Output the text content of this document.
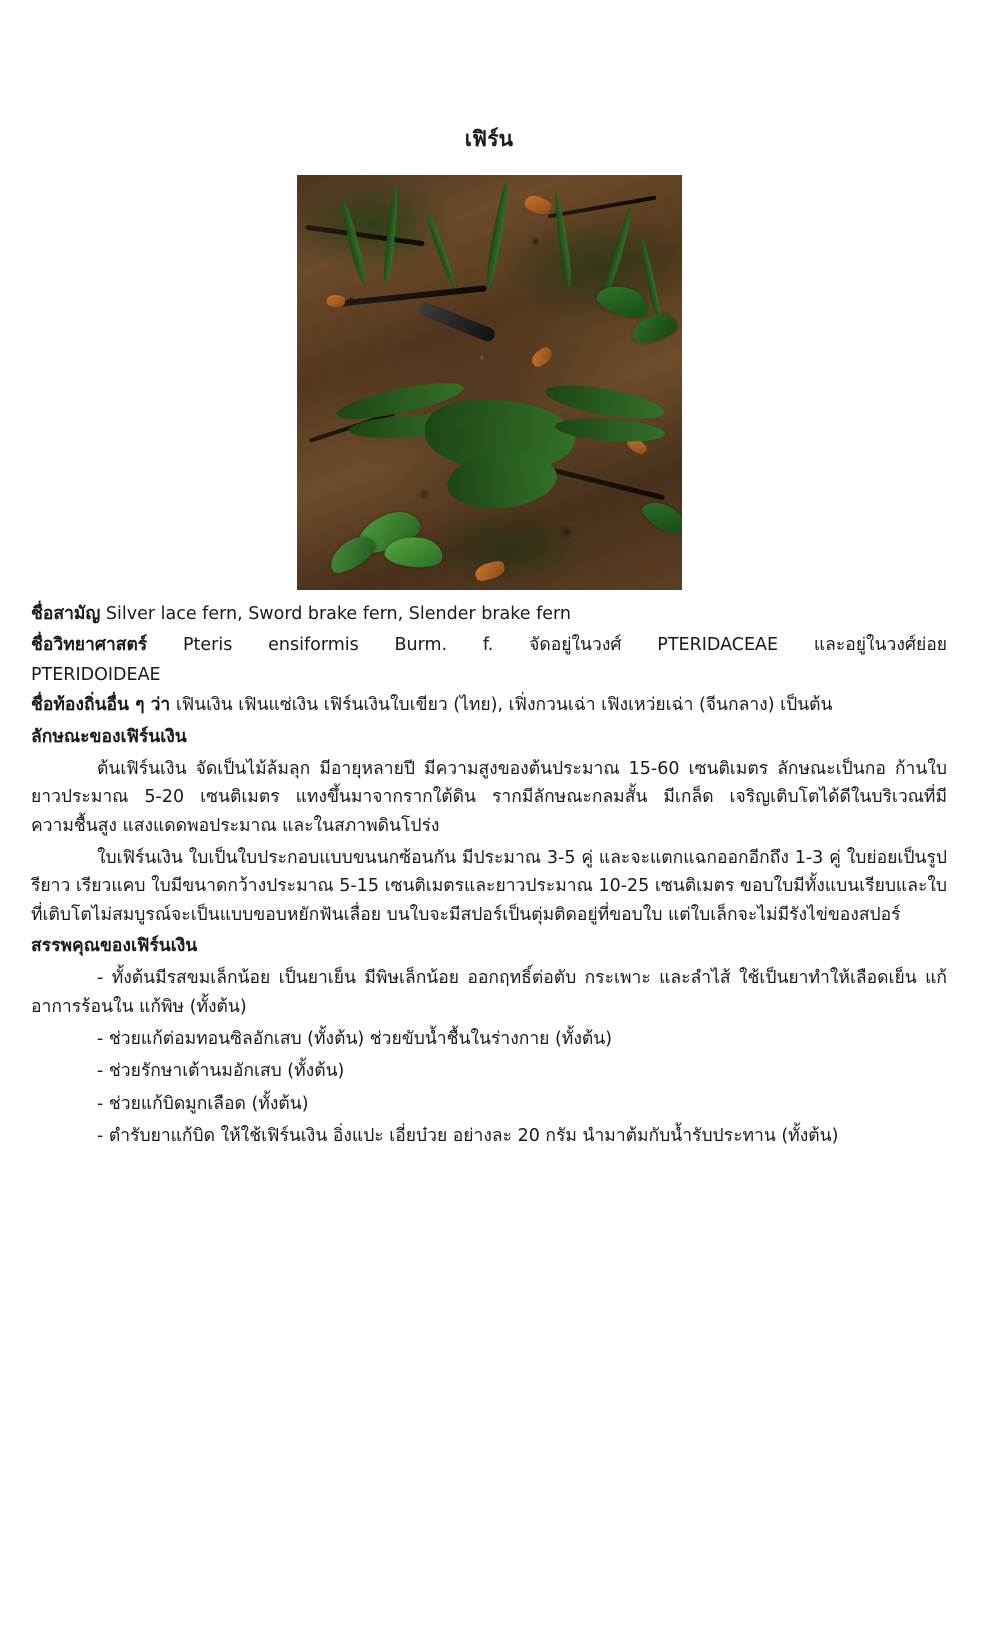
เฟิร์น

ชื่อสามัญ Silver lace fern, Sword brake fern, Slender brake fern

ชื่อวิทยาศาสตร์ Pteris ensiformis Burm. f. จัดอยู่ในวงศ์ PTERIDACEAE และอยู่ในวงศ์ย่อย

PTERIDOIDEAE

ชื่อท้องถิ่นอื่น ๆ ว่า เฟินเงิน เฟินแซ่เงิน เฟิร์นเงินใบเขียว (ไทย), เฟิ่งกวนเฉ่า เฟิงเหว่ยเฉ่า (จีนกลาง) เป็นต้น

ลักษณะของเฟิร์นเงิน

ต้นเฟิร์นเงิน จัดเป็นไม้ล้มลุก มีอายุหลายปี มีความสูงของต้นประมาณ 15-60 เซนติเมตร ลักษณะเป็นกอ ก้านใบยาวประมาณ 5-20 เซนติเมตร แทงขึ้นมาจากรากใต้ดิน รากมีลักษณะกลมสั้น มีเกล็ด เจริญเติบโตได้ดีในบริเวณที่มีความชื้นสูง แสงแดดพอประมาณ และในสภาพดินโปร่ง

ใบเฟิร์นเงิน ใบเป็นใบประกอบแบบขนนกซ้อนกัน มีประมาณ 3-5 คู่ และจะแตกแฉกออกอีกถึง 1-3 คู่ ใบย่อยเป็นรูปรียาว เรียวแคบ ใบมีขนาดกว้างประมาณ 5-15 เซนติเมตรและยาวประมาณ 10-25 เซนติเมตร ขอบใบมีทั้งแบนเรียบและใบที่เติบโตไม่สมบูรณ์จะเป็นแบบขอบหยักฟันเลื่อย บนใบจะมีสปอร์เป็นตุ่มติดอยู่ที่ขอบใบ แต่ใบเล็กจะไม่มีรังไข่ของสปอร์

สรรพคุณของเฟิร์นเงิน

- ทั้งต้นมีรสขมเล็กน้อย เป็นยาเย็น มีพิษเล็กน้อย ออกฤทธิ์ต่อตับ กระเพาะ และลำไส้ ใช้เป็นยาทำให้เลือดเย็น แก้อาการร้อนใน แก้พิษ (ทั้งต้น)

- ช่วยแก้ต่อมทอนซิลอักเสบ (ทั้งต้น) ช่วยขับน้ำชื้นในร่างกาย (ทั้งต้น)

- ช่วยรักษาเต้านมอักเสบ (ทั้งต้น)

- ช่วยแก้บิดมูกเลือด (ทั้งต้น)

- ตำรับยาแก้บิด ให้ใช้เฟิร์นเงิน อิ่งแปะ เอี่ยบ๋วย อย่างละ 20 กรัม นำมาต้มกับน้ำรับประทาน (ทั้งต้น)
